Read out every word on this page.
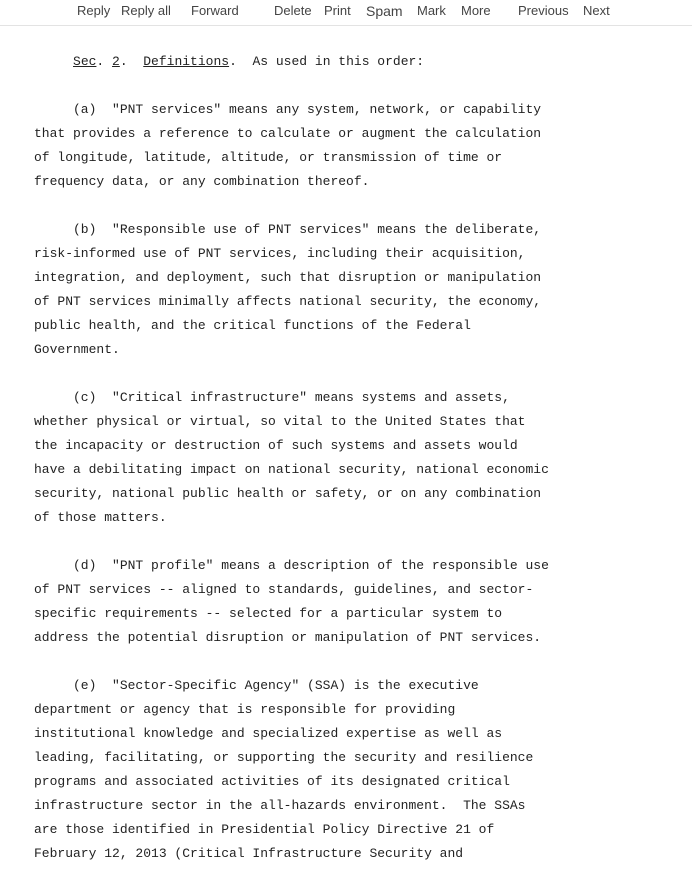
Reply Reply all Forward	Delete Print Spam Mark More Previous Next
Sec. 2.  Definitions.  As used in this order:
(a)  "PNT services" means any system, network, or capability
that provides a reference to calculate or augment the calculation
of longitude, latitude, altitude, or transmission of time or
frequency data, or any combination thereof.
(b)  "Responsible use of PNT services" means the deliberate,
risk-informed use of PNT services, including their acquisition,
integration, and deployment, such that disruption or manipulation
of PNT services minimally affects national security, the economy,
public health, and the critical functions of the Federal
Government.
(c)  "Critical infrastructure" means systems and assets,
whether physical or virtual, so vital to the United States that
the incapacity or destruction of such systems and assets would
have a debilitating impact on national security, national economic
security, national public health or safety, or on any combination
of those matters.
(d)  "PNT profile" means a description of the responsible use
of PNT services -- aligned to standards, guidelines, and sector-
specific requirements -- selected for a particular system to
address the potential disruption or manipulation of PNT services.
(e)  "Sector-Specific Agency" (SSA) is the executive
department or agency that is responsible for providing
institutional knowledge and specialized expertise as well as
leading, facilitating, or supporting the security and resilience
programs and associated activities of its designated critical
infrastructure sector in the all-hazards environment.  The SSAs
are those identified in Presidential Policy Directive 21 of
February 12, 2013 (Critical Infrastructure Security and
